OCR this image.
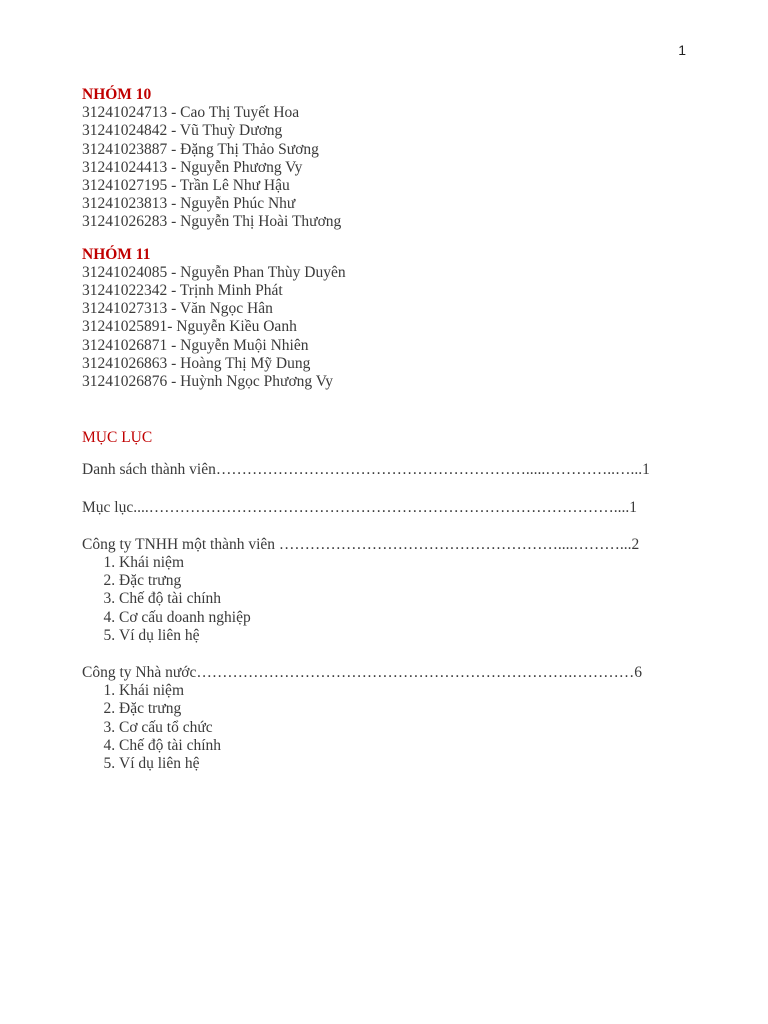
1
NHÓM 10
31241024713 - Cao Thị Tuyết Hoa
31241024842 - Vũ Thuỳ Dương
31241023887 - Đặng Thị Thảo Sương
31241024413 - Nguyễn Phương Vy
31241027195 - Trần Lê Như Hậu
31241023813 - Nguyễn Phúc Như
31241026283 - Nguyễn Thị Hoài Thương
NHÓM 11
31241024085 - Nguyễn Phan Thùy Duyên
31241022342 - Trịnh Minh Phát
31241027313 - Văn Ngọc Hân
31241025891- Nguyễn Kiều Oanh
31241026871 - Nguyễn Muội Nhiên
31241026863 - Hoàng Thị Mỹ Dung
31241026876 - Huỳnh Ngọc Phương Vy
MỤC LỤC
Danh sách thành viên…………………………………………………….....…………..…...1
Mục lục....………………………………………………………………………………....1
Công ty TNHH một thành viên ………………………………………………....………...2
1. Khái niệm
2. Đặc trưng
3. Chế độ tài chính
4. Cơ cấu doanh nghiệp
5. Ví dụ liên hệ
Công ty Nhà nước……………………………………………………………….…………6
1. Khái niệm
2. Đặc trưng
3. Cơ cấu tổ chức
4. Chế độ tài chính
5. Ví dụ liên hệ
